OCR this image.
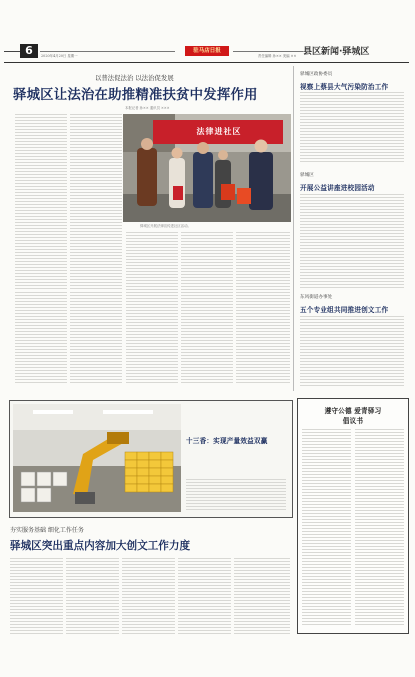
6	2020年4月20日 星期一
驻马店日报
责任编辑 孙×× 美编 ×× 县区新闻·驿城区
以普法促法治 以法治促发展
驿城区让法治在助推精准扶贫中发挥作用
本报记者 孙×× 通讯员 ×××
法律进社区
驿城区开展法律宣传进社区活动。
驿城区政协委员
视察上蔡县大气污染防治工作
驿城区
开展公益讲座进校园活动
东风街道办事处
五个专业组共同推进创文工作
十三香：实现产量效益双赢
夯实服务基础 细化工作任务
驿城区突出重点内容加大创文工作力度
遵守公德 爱青驿习
倡议书
